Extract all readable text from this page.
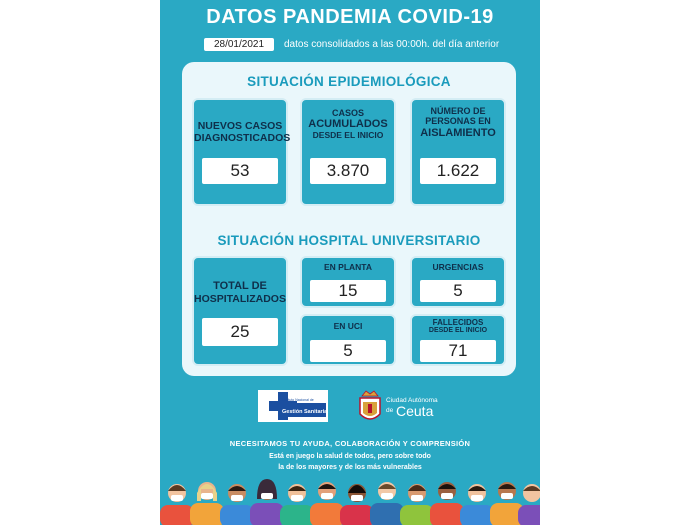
DATOS PANDEMIA COVID-19
28/01/2021	datos consolidados a las 00:00h. del día anterior
SITUACIÓN EPIDEMIOLÓGICA
NUEVOS CASOS
DIAGNOSTICADOS
53
CASOS
ACUMULADOS
DESDE EL INICIO
3.870
NÚMERO DE
PERSONAS EN
AISLAMIENTO
1.622
SITUACIÓN HOSPITAL UNIVERSITARIO
TOTAL DE
HOSPITALIZADOS
25
EN PLANTA
15
URGENCIAS
5
EN UCI
5
FALLECIDOS
DESDE EL INICIO
71
Instituto Nacional de
Gestión Sanitaria
Ciudad Autónoma
de Ceuta
NECESITAMOS TU AYUDA, COLABORACIÓN Y COMPRENSIÓN
Está en juego la salud de todos, pero sobre todo
la de los mayores y de los más vulnerables
